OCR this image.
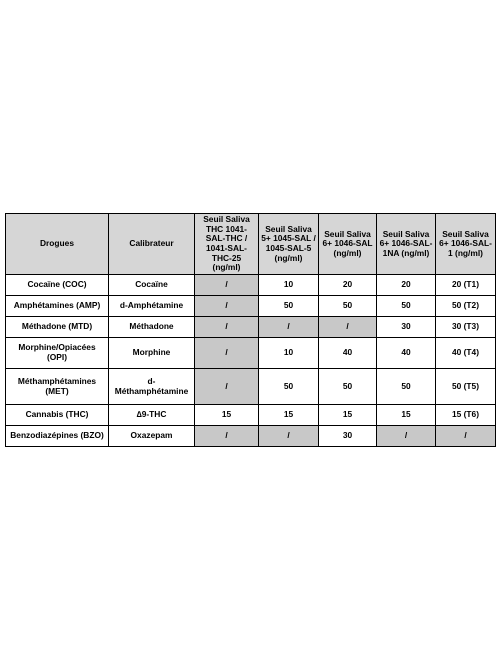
Drogues	Calibrateur	Seuil Saliva THC 1041-SAL-THC / 1041-SAL-THC-25 (ng/ml)	Seuil Saliva 5+ 1045-SAL / 1045-SAL-5 (ng/ml)	Seuil Saliva 6+ 1046-SAL (ng/ml)	Seuil Saliva 6+ 1046-SAL-1NA (ng/ml)	Seuil Saliva 6+ 1046-SAL-1 (ng/ml)
Cocaïne (COC)	Cocaïne	/	10	20	20	20 (T1)
Amphétamines (AMP)	d-Amphétamine	/	50	50	50	50 (T2)
Méthadone (MTD)	Méthadone	/	/	/	30	30 (T3)
Morphine/Opiacées (OPI)	Morphine	/	10	40	40	40 (T4)
Méthamphétamines (MET)	d-Méthamphétamine	/	50	50	50	50 (T5)
Cannabis (THC)	∆9-THC	15	15	15	15	15 (T6)
Benzodiazépines (BZO)	Oxazepam	/	/	30	/	/
